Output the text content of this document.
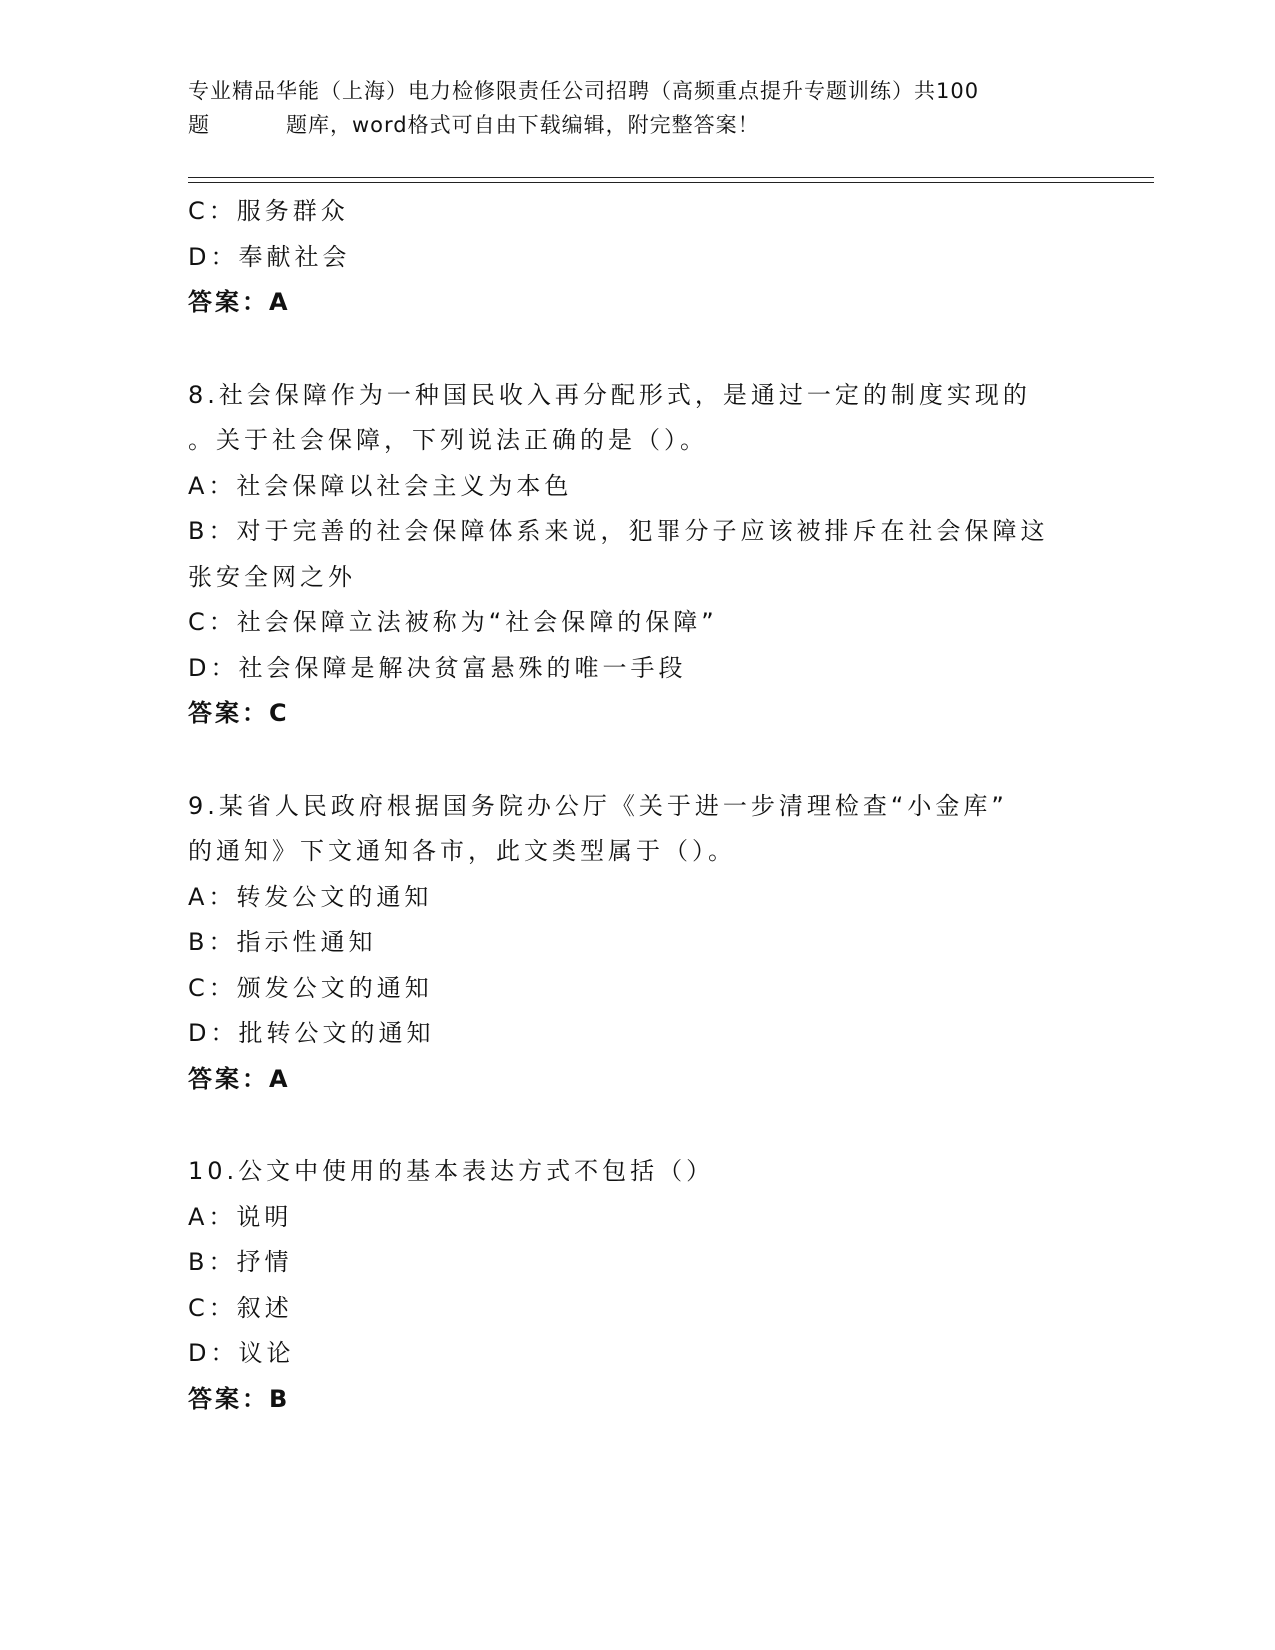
专业精品华能（上海）电力检修限责任公司招聘（高频重点提升专题训练）共100
题	题库，word格式可自由下载编辑，附完整答案！
C：服务群众
D：奉献社会
答案：A
8.社会保障作为一种国民收入再分配形式，是通过一定的制度实现的
。关于社会保障，下列说法正确的是（）。
A：社会保障以社会主义为本色
B：对于完善的社会保障体系来说，犯罪分子应该被排斥在社会保障这
张安全网之外
C：社会保障立法被称为“社会保障的保障”
D：社会保障是解决贫富悬殊的唯一手段
答案：C
9.某省人民政府根据国务院办公厅《关于进一步清理检查“小金库”
的通知》下文通知各市，此文类型属于（）。
A：转发公文的通知
B：指示性通知
C：颁发公文的通知
D：批转公文的通知
答案：A
10.公文中使用的基本表达方式不包括（）
A：说明
B：抒情
C：叙述
D：议论
答案：B
